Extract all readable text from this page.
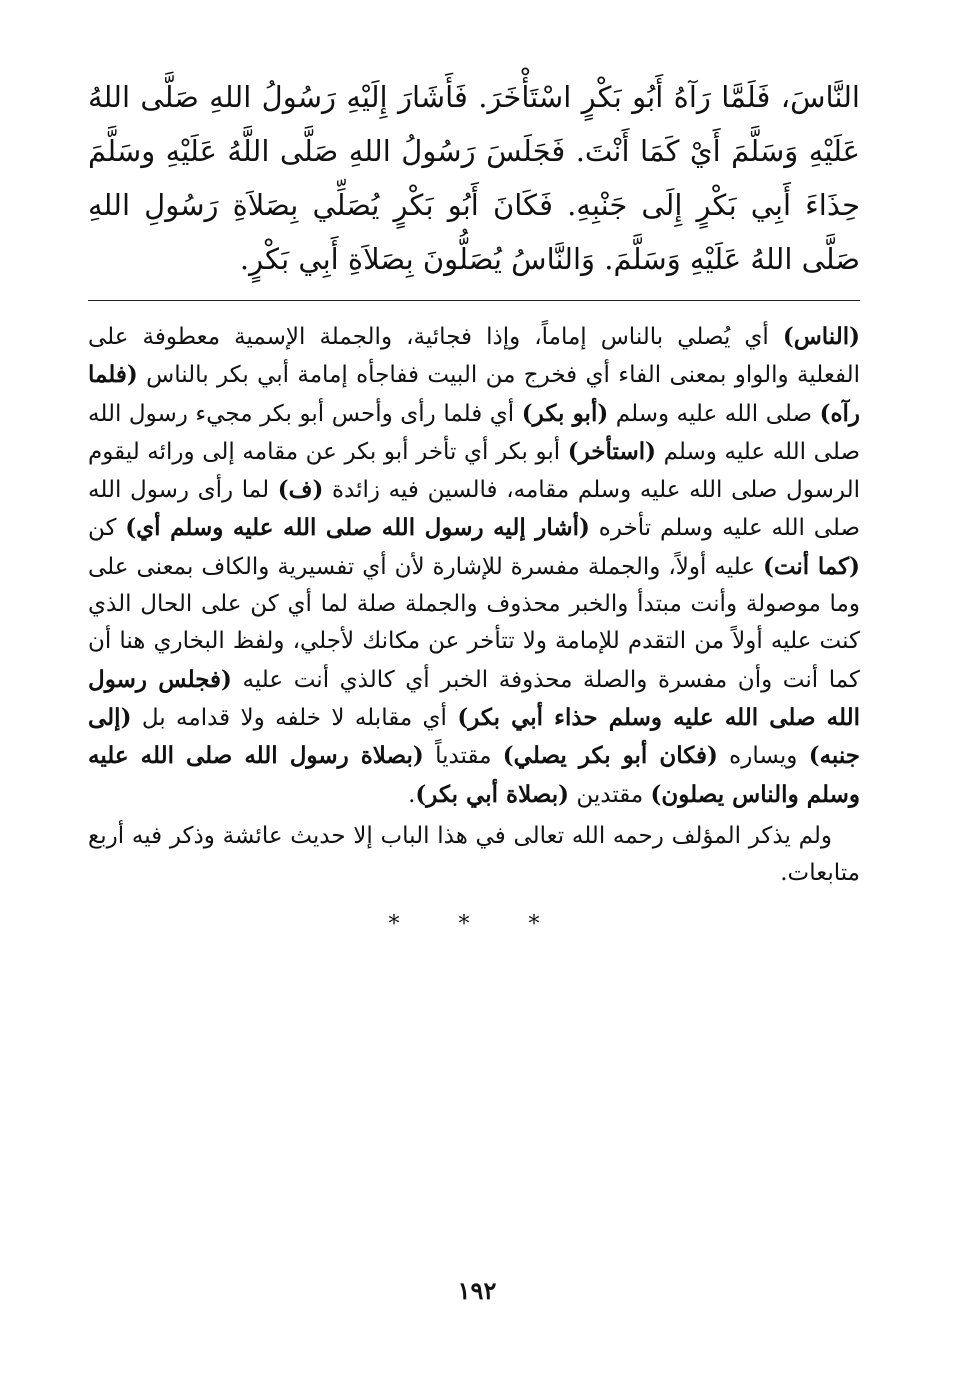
النَّاسَ، فَلَمَّا رَآهُ أَبُو بَكْرٍ اسْتَأْخَرَ. فَأَشَارَ إِلَيْهِ رَسُولُ اللهِ صَلَّى اللهُ عَلَيْهِ وَسَلَّمَ أَيْ كَمَا أَنْتَ. فَجَلَسَ رَسُولُ اللهِ صَلَّى اللَّهُ عَلَيْهِ وسَلَّمَ حِذَاءَ أَبِي بَكْرٍ إِلَى جَنْبِهِ. فَكَانَ أَبُو بَكْرٍ يُصَلِّي بِصَلاَةِ رَسُولِ اللهِ صَلَّى اللهُ عَلَيْهِ وَسَلَّمَ. وَالنَّاسُ يُصَلُّونَ بِصَلاَةِ أَبِي بَكْرٍ.

(الناس) أي يُصلي بالناس إماماً، وإذا فجائية، والجملة الإسمية معطوفة على الفعلية والواو بمعنى الفاء أي فخرج من البيت ففاجأه إمامة أبي بكر بالناس (فلما رآه) صلى الله عليه وسلم (أبو بكر) أي فلما رأى وأحس أبو بكر مجيء رسول الله صلى الله عليه وسلم (استأخر) أبو بكر أي تأخر أبو بكر عن مقامه إلى ورائه ليقوم الرسول صلى الله عليه وسلم مقامه، فالسين فيه زائدة (ف) لما رأى رسول الله صلى الله عليه وسلم تأخره (أشار إليه رسول الله صلى الله عليه وسلم أي) كن (كما أنت) عليه أولاً، والجملة مفسرة للإشارة لأن أي تفسيرية والكاف بمعنى على وما موصولة وأنت مبتدأ والخبر محذوف والجملة صلة لما أي كن على الحال الذي كنت عليه أولاً من التقدم للإمامة ولا تتأخر عن مكانك لأجلي، ولفظ البخاري هنا أن كما أنت وأن مفسرة والصلة محذوفة الخبر أي كالذي أنت عليه (فجلس رسول الله صلى الله عليه وسلم حذاء أبي بكر) أي مقابله لا خلفه ولا قدامه بل (إلى جنبه) ويساره (فكان أبو بكر يصلي) مقتدياً (بصلاة رسول الله صلى الله عليه وسلم والناس يصلون) مقتدين (بصلاة أبي بكر).

ولم يذكر المؤلف رحمه الله تعالى في هذا الباب إلا حديث عائشة وذكر فيه أربع متابعات.

* * *
١٩٢
